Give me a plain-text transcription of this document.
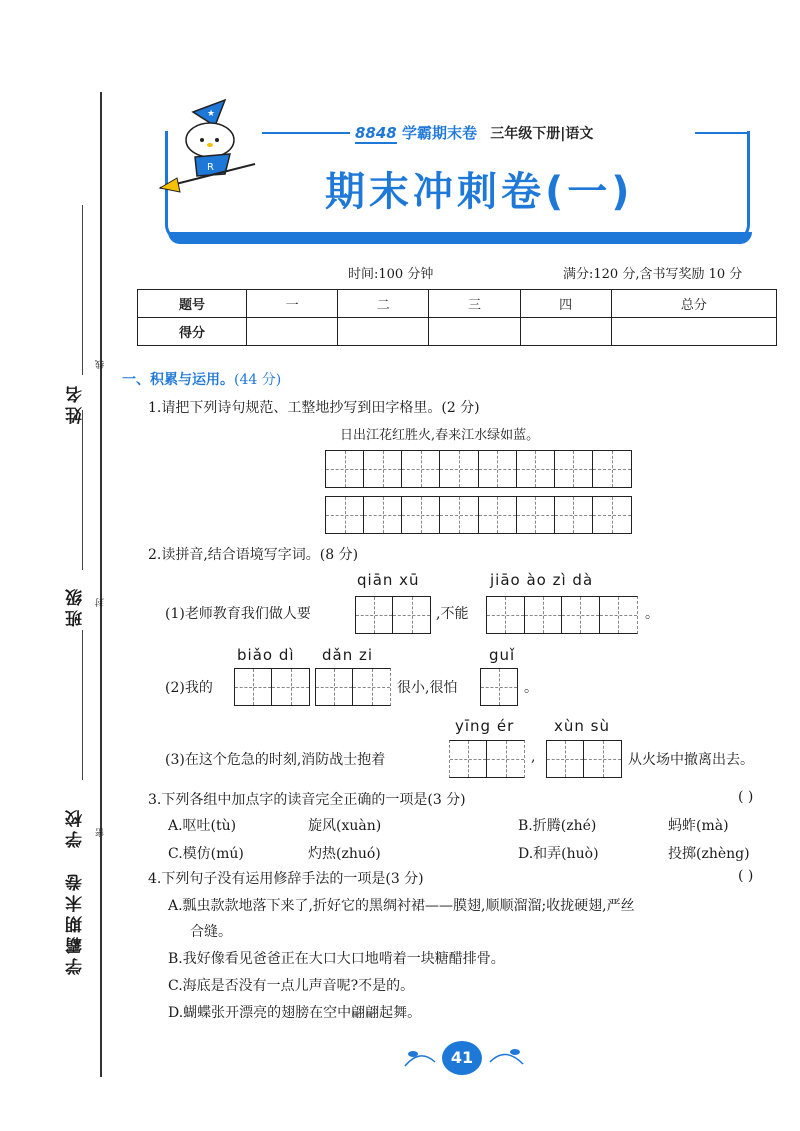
姓名
班级
学校
学霸期末卷
线
封
密
8848 学霸期末卷 三年级下册|语文
期末冲刺卷(一)
★
R
时间:100 分钟	满分:120 分,含书写奖励 10 分
题号	一	二	三	四	总分
得分					
一、积累与运用。(44 分)
1.请把下列诗句规范、工整地抄写到田字格里。(2 分)
日出江花红胜火,春来江水绿如蓝。
2.读拼音,结合语境写字词。(8 分)
qiān xū	jiāo ào zì dà
(1)老师教育我们做人要	,不能	。
biǎo dì dǎn zi	guǐ
(2)我的	很小,很怕	。
yīng ér	xùn sù
(3)在这个危急的时刻,消防战士抱着	,	从火场中撤离出去。
3.下列各组中加点字的读音完全正确的一项是(3 分)	( )
A.呕吐(tù)	旋风(xuàn)	B.折腾(zhé)	蚂蚱(mà)
C.模仿(mú)	灼热(zhuó)	D.和弄(huò)	投掷(zhèng)
4.下列句子没有运用修辞手法的一项是(3 分)	( )
A.瓢虫款款地落下来了,折好它的黑绸衬裙——膜翅,顺顺溜溜;收拢硬翅,严丝
合缝。
B.我好像看见爸爸正在大口大口地啃着一块糖醋排骨。
C.海底是否没有一点儿声音呢?不是的。
D.蝴蝶张开漂亮的翅膀在空中翩翩起舞。
41
